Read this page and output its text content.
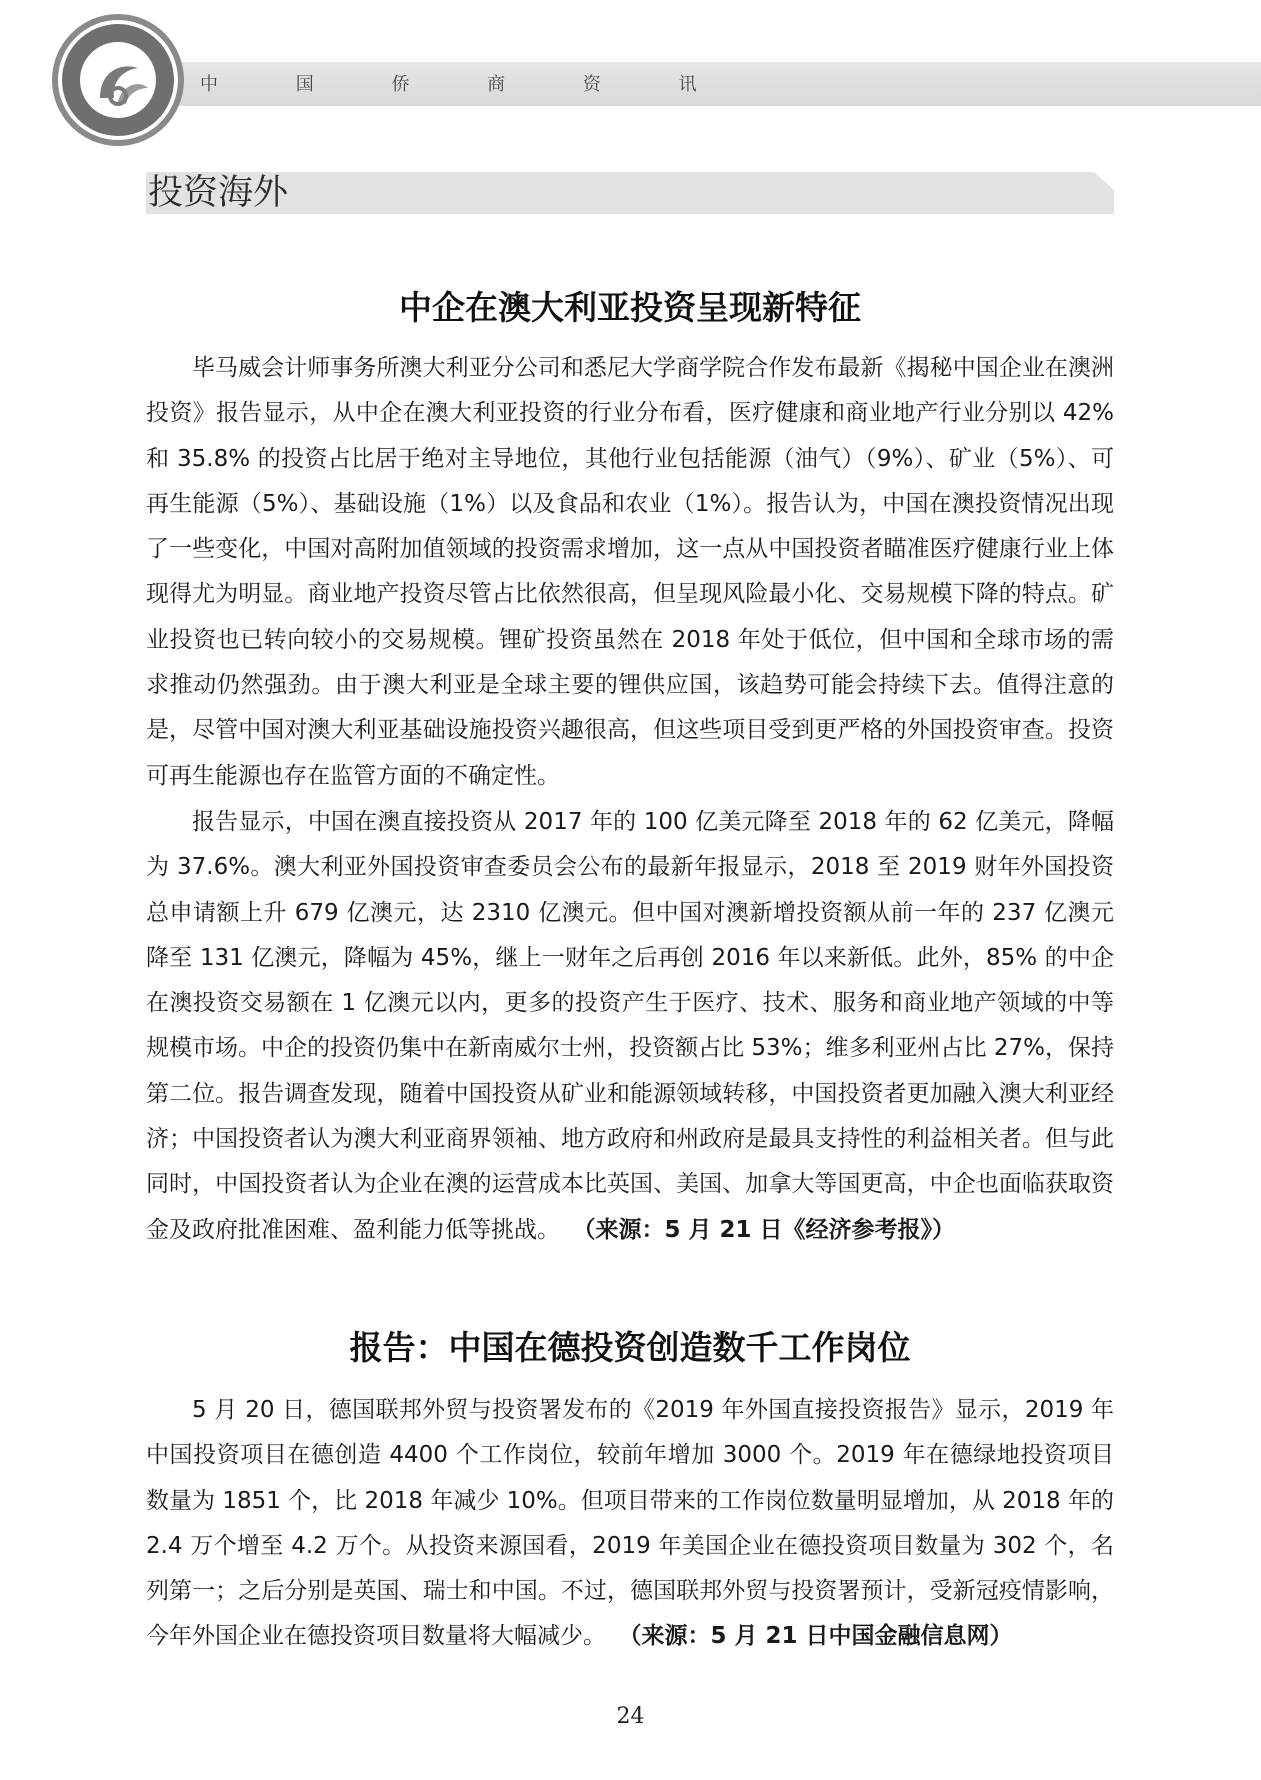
中 国 侨 商 资 讯
投资海外
中企在澳大利亚投资呈现新特征

毕马威会计师事务所澳大利亚分公司和悉尼大学商学院合作发布最新《揭秘中国企业在澳洲投资》报告显示，从中企在澳大利亚投资的行业分布看，医疗健康和商业地产行业分别以 42% 和 35.8% 的投资占比居于绝对主导地位，其他行业包括能源（油气）（9%）、矿业（5%）、可再生能源（5%）、基础设施（1%）以及食品和农业（1%）。报告认为，中国在澳投资情况出现了一些变化，中国对高附加值领域的投资需求增加，这一点从中国投资者瞄准医疗健康行业上体现得尤为明显。商业地产投资尽管占比依然很高，但呈现风险最小化、交易规模下降的特点。矿业投资也已转向较小的交易规模。锂矿投资虽然在 2018 年处于低位，但中国和全球市场的需求推动仍然强劲。由于澳大利亚是全球主要的锂供应国，该趋势可能会持续下去。值得注意的是，尽管中国对澳大利亚基础设施投资兴趣很高，但这些项目受到更严格的外国投资审查。投资可再生能源也存在监管方面的不确定性。

报告显示，中国在澳直接投资从 2017 年的 100 亿美元降至 2018 年的 62 亿美元，降幅为 37.6%。澳大利亚外国投资审查委员会公布的最新年报显示，2018 至 2019 财年外国投资总申请额上升 679 亿澳元，达 2310 亿澳元。但中国对澳新增投资额从前一年的 237 亿澳元降至 131 亿澳元，降幅为 45%，继上一财年之后再创 2016 年以来新低。此外，85% 的中企在澳投资交易额在 1 亿澳元以内，更多的投资产生于医疗、技术、服务和商业地产领域的中等规模市场。中企的投资仍集中在新南威尔士州，投资额占比 53%；维多利亚州占比 27%，保持第二位。报告调查发现，随着中国投资从矿业和能源领域转移，中国投资者更加融入澳大利亚经济；中国投资者认为澳大利亚商界领袖、地方政府和州政府是最具支持性的利益相关者。但与此同时，中国投资者认为企业在澳的运营成本比英国、美国、加拿大等国更高，中企也面临获取资金及政府批准困难、盈利能力低等挑战。 （来源：5 月 21 日《经济参考报》）

报告：中国在德投资创造数千工作岗位

5 月 20 日，德国联邦外贸与投资署发布的《2019 年外国直接投资报告》显示，2019 年中国投资项目在德创造 4400 个工作岗位，较前年增加 3000 个。2019 年在德绿地投资项目数量为 1851 个，比 2018 年减少 10%。但项目带来的工作岗位数量明显增加，从 2018 年的 2.4 万个增至 4.2 万个。从投资来源国看，2019 年美国企业在德投资项目数量为 302 个，名列第一；之后分别是英国、瑞士和中国。不过，德国联邦外贸与投资署预计，受新冠疫情影响，今年外国企业在德投资项目数量将大幅减少。 （来源：5 月 21 日中国金融信息网）

24
